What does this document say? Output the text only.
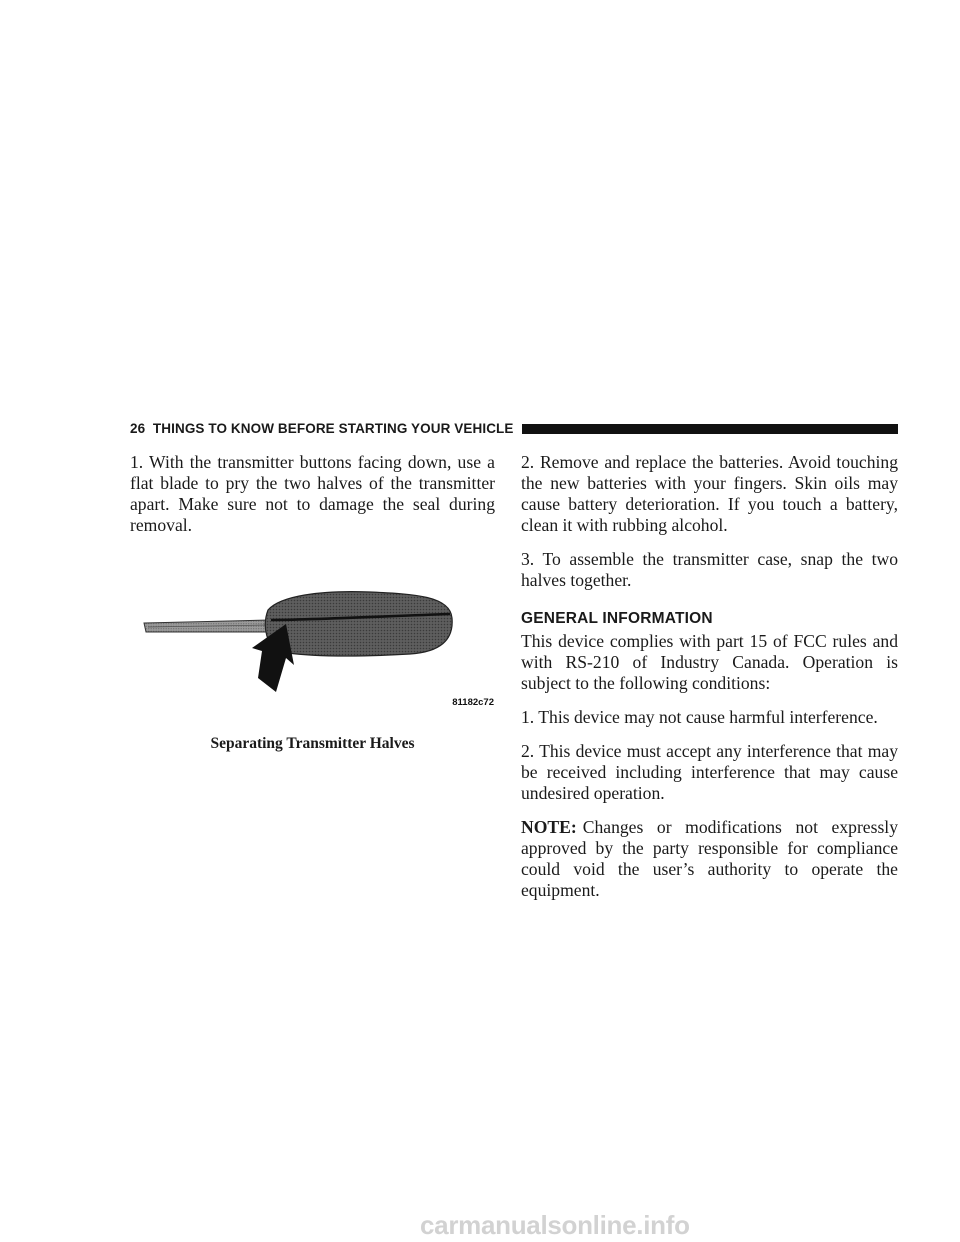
26 THINGS TO KNOW BEFORE STARTING YOUR VEHICLE

1. With the transmitter buttons facing down, use a flat blade to pry the two halves of the transmitter apart. Make sure not to damage the seal during removal.

81182c72
Separating Transmitter Halves

2. Remove and replace the batteries. Avoid touching the new batteries with your fingers. Skin oils may cause battery deterioration. If you touch a battery, clean it with rubbing alcohol.

3. To assemble the transmitter case, snap the two halves together.

GENERAL INFORMATION

This device complies with part 15 of FCC rules and with RS-210 of Industry Canada. Operation is subject to the following conditions:

1. This device may not cause harmful interference.

2. This device must accept any interference that may be received including interference that may cause undesired operation.

NOTE: Changes or modifications not expressly approved by the party responsible for compliance could void the user’s authority to operate the equipment.

carmanualsonline.info
